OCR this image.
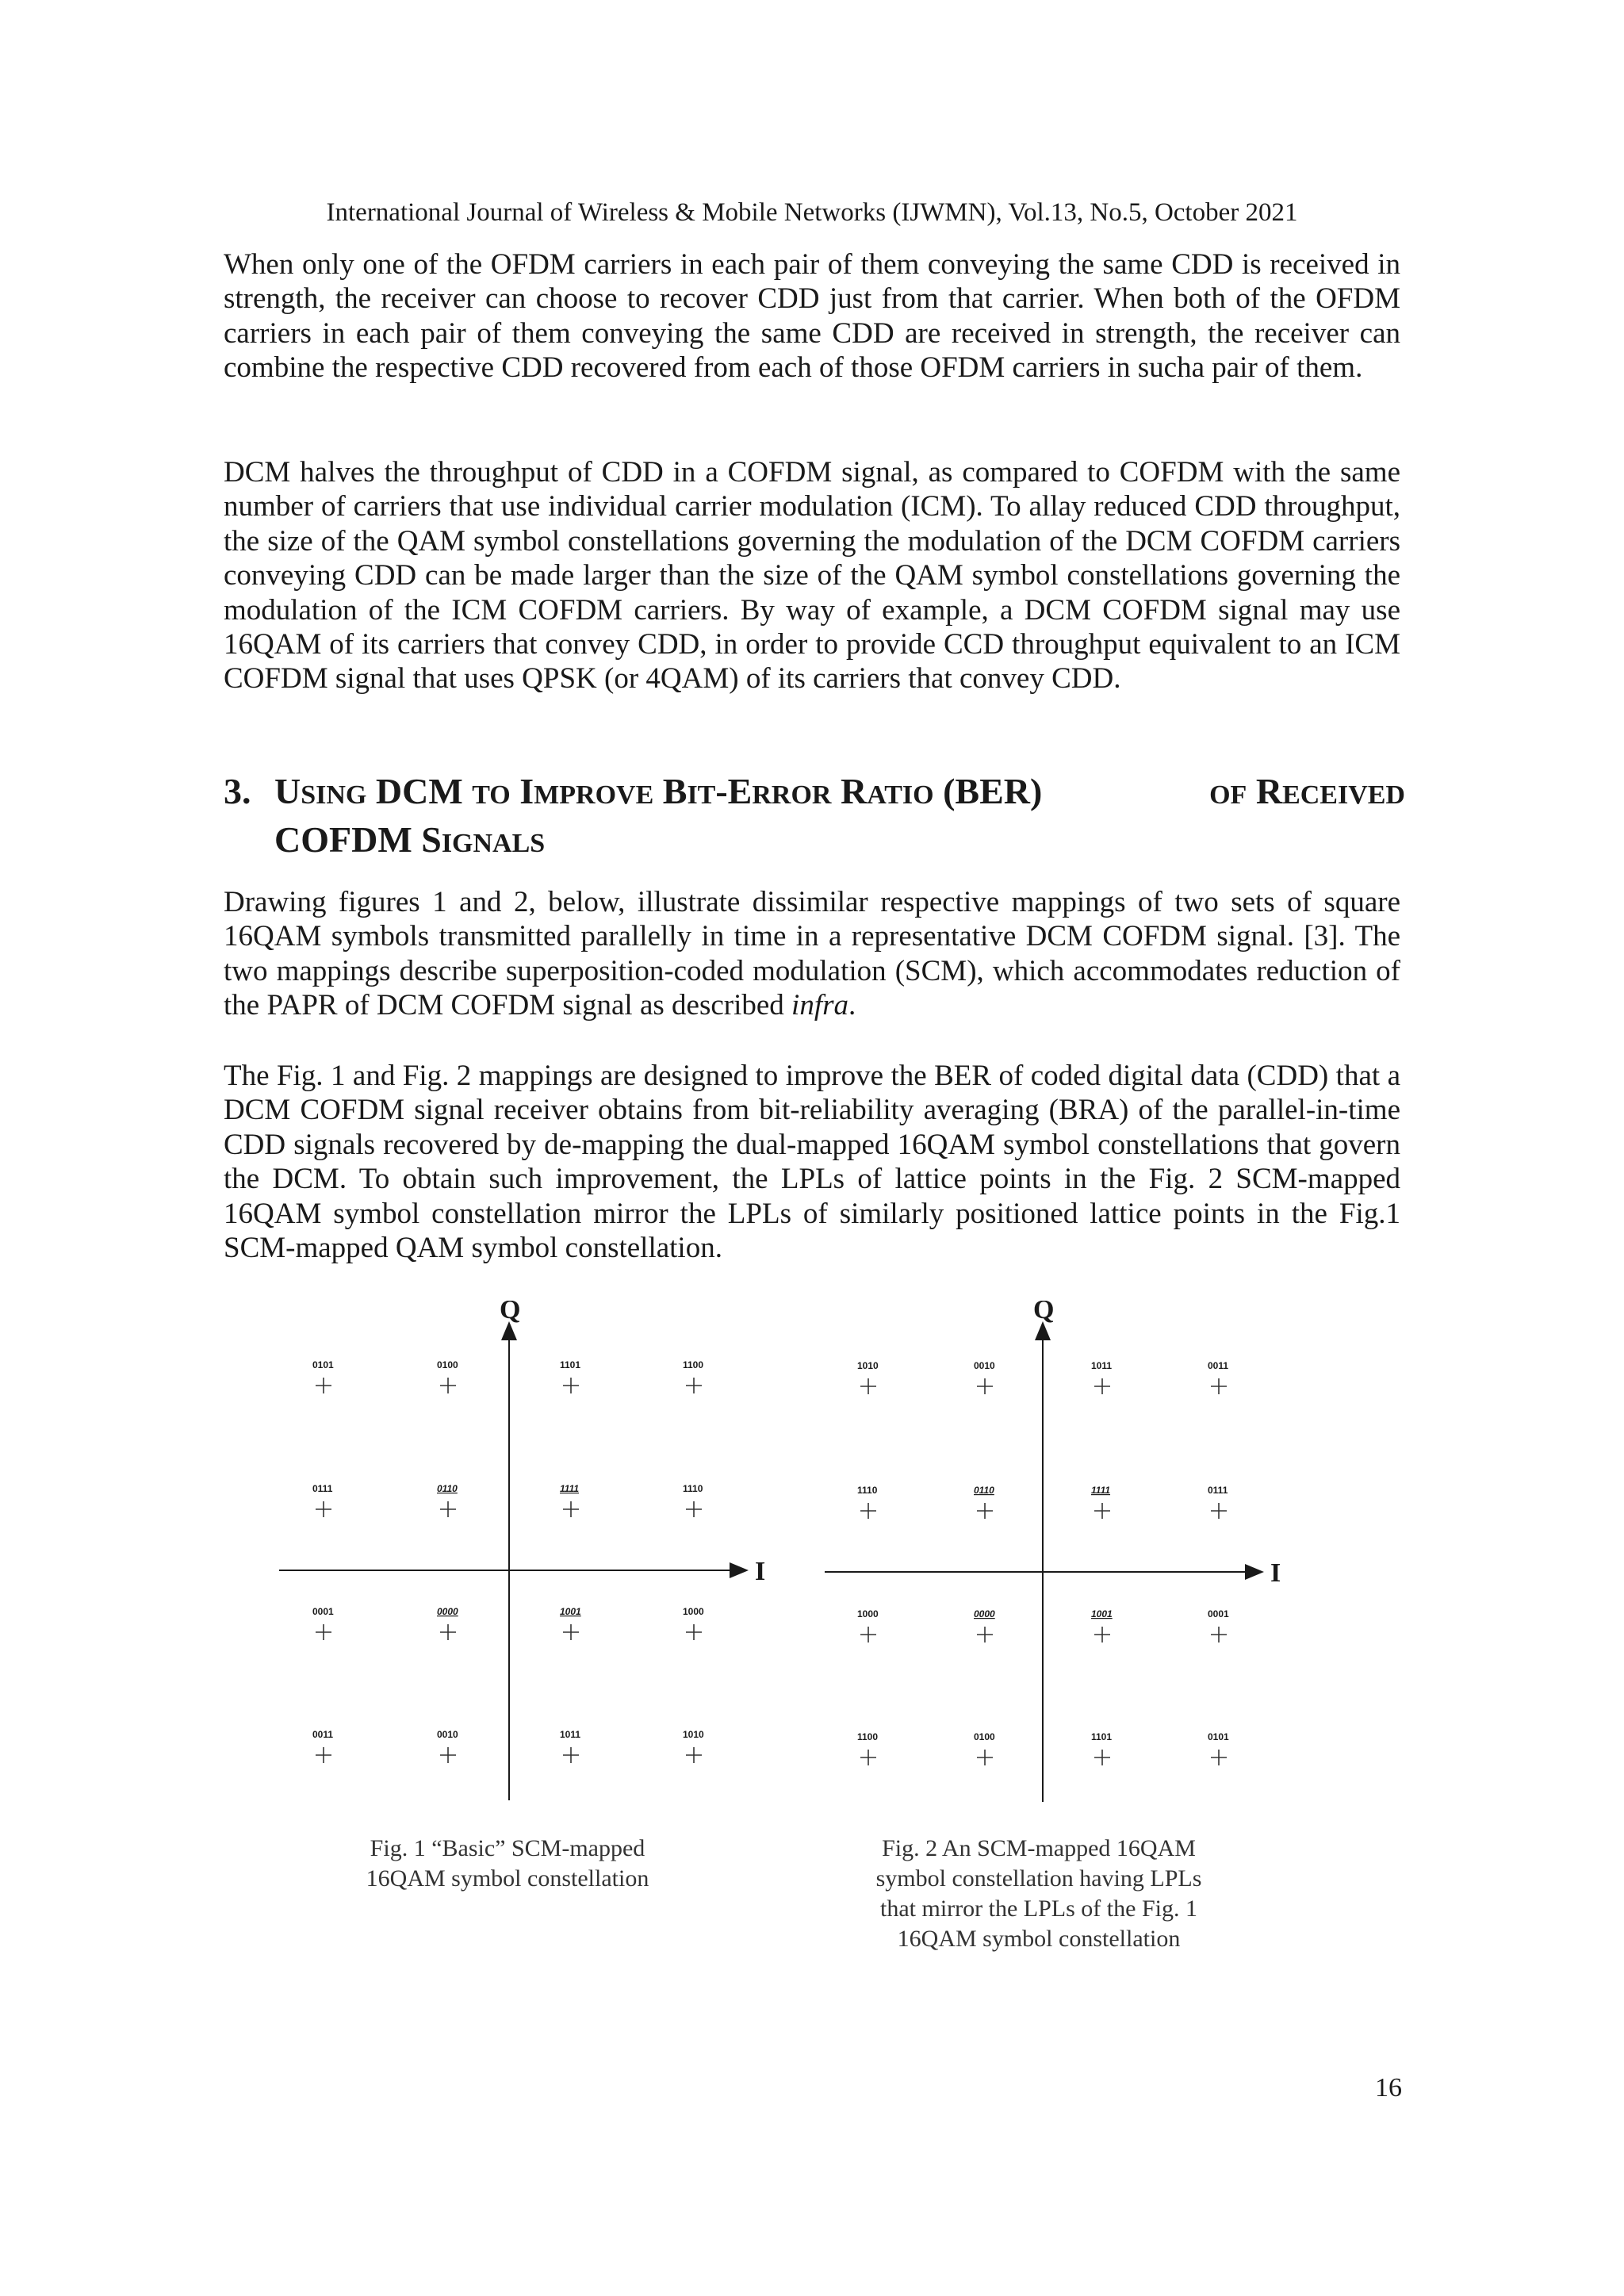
International Journal of Wireless & Mobile Networks (IJWMN), Vol.13, No.5, October 2021

When only one of the OFDM carriers in each pair of them conveying the same CDD is received in strength, the receiver can choose to recover CDD just from that carrier. When both of the OFDM carriers in each pair of them conveying the same CDD are received in strength, the receiver can combine the respective CDD recovered from each of those OFDM carriers in sucha pair of them.

DCM halves the throughput of CDD in a COFDM signal, as compared to COFDM with the same number of carriers that use individual carrier modulation (ICM). To allay reduced CDD throughput, the size of the QAM symbol constellations governing the modulation of the DCM COFDM carriers conveying CDD can be made larger than the size of the QAM symbol constellations governing the modulation of the ICM COFDM carriers. By way of example, a DCM COFDM signal may use 16QAM of its carriers that convey CDD, in order to provide CCD throughput equivalent to an ICM COFDM signal that uses QPSK (or 4QAM) of its carriers that convey CDD.

3. USING DCM TO IMPROVE BIT-ERROR RATIO (BER)	OF RECEIVED
COFDM SIGNALS

Drawing figures 1 and 2, below, illustrate dissimilar respective mappings of two sets of square 16QAM symbols transmitted parallelly in time in a representative DCM COFDM signal. [3]. The two mappings describe superposition-coded modulation (SCM), which accommodates reduction of the PAPR of DCM COFDM signal as described infra.

The Fig. 1 and Fig. 2 mappings are designed to improve the BER of coded digital data (CDD) that a DCM COFDM signal receiver obtains from bit-reliability averaging (BRA) of the parallel-in-time CDD signals recovered by de-mapping the dual-mapped 16QAM symbol constellations that govern the DCM. To obtain such improvement, the LPLs of lattice points in the Fig. 2 SCM-mapped 16QAM symbol constellation mirror the LPLs of similarly positioned lattice points in the Fig.1 SCM-mapped QAM symbol constellation.

Q
I
0101	0100	1101	1100
0111	0110	1111	1110
0001	0000	1001	1000
0011	0010	1011	1010
Q
I
1010	0010	1011	0011
1110	0110	1111	0111
1000	0000	1001	0001
1100	0100	1101	0101
Fig. 1 “Basic” SCM-mapped
16QAM symbol constellation
Fig. 2 An SCM-mapped 16QAM
symbol constellation having LPLs
that mirror the LPLs of the Fig. 1
16QAM symbol constellation
16
